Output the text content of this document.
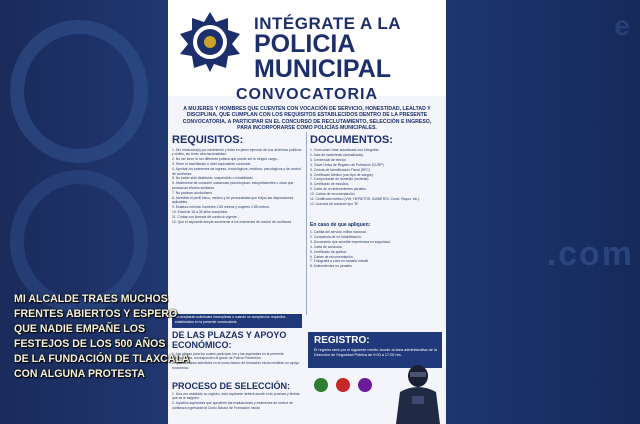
INTÉGRATE A LA
POLICIA
MUNICIPAL
CONVOCATORIA
A MUJERES Y HOMBRES QUE CUENTEN CON VOCACIÓN DE SERVICIO, HONESTIDAD, LEALTAD Y DISCIPLINA, QUE CUMPLAN CON LOS REQUISITOS ESTABLECIDOS DENTRO DE LA PRESENTE CONVOCATORIA, A PARTICIPAR EN EL CONCURSO DE RECLUTAMIENTO, SELECCIÓN E INGRESO, PARA INCORPORARSE COMO POLICÍAS MUNICIPALES.
REQUISITOS:
1. Ser mexicano(a) por nacimiento y estar en pleno ejercicio de sus derechos políticos y civiles, sin tener otra nacionalidad.
2. No ser tener tu ser diferente pública que puede ser tu ningún cargo...
3. Tener el bachillerato o nivel equivalente concluido.
4. Aprobar los exámenes de ingreso, toxicológicos, médicos, psicológicos y de control de confianza.
5. No haber sido destituido, suspendido o inhabilitado.
6. Abstenerse de consumir sustancias psicotrópicas, estupefacientes u otras que produzcan efectos similares.
7. No padecer alcoholismo.
8. Acreditar el perfil físico, médico y de personalidad que exijan las disposiciones aplicables.
9. Estatura mínima: hombres 1.65 metros y mujeres 1.58 metros.
10. Edad de 18 a 35 años cumplidos.
11. Contar con licencia de conducir vigente.
12. Que el aspirante acepte someterse a los exámenes de control de confianza.
No aceptarán solicitudes incompletas o cuando no cumplan los requisitos establecidos en la presente convocatoria.
DE LAS PLAZAS Y APOYO ECONÓMICO:
1. Las plazas para los cuales participan los y las aspirantes en la presente Convocatoria, corresponden al grado de Policía Preventivo.
2. Quienes sean admitidos en el curso básico de formación inicial recibirán un apoyo económico.
PROCESO DE SELECCIÓN:
1. Una vez realizado su registro, todo aspirante deberá acudir a las pruebas y fechas que se le asignen.
2. Aquellos aspirantes que aprueben las evaluaciones y exámenes de control de confianza ingresarán al Curso Básico de Formación Inicial.
DOCUMENTOS:
1. Currículum vítae actualizado con fotografía.
2. Acta de nacimiento (actualizada).
3. Credencial de elector.
4. Clave Única de Registro de Población (CURP).
5. Cédula de Identificación Fiscal (RFC).
6. Certificado Médico (con tipo de sangre).
7. Comprobante de domicilio (reciente).
8. Certificado de estudios.
9. Carta de no antecedentes penales.
10. Cartas de recomendación.
11. Certificado médico (VIH, HEPATITIS, DIABETES, Covid, Rayos, etc.).
12. Licencia de conducir tipo "B".
En caso de que apliquen:
1. Cartilla del servicio militar nacional.
2. Constancia de no inhabilitación.
3. Documento que acredite experiencia en seguridad.
4. Carta de conducta.
5. Certificado de aptitud.
6. Cartas de recomendación.
7. Fotografía a color en tamaño infantil.
8. Antecedentes no penales.
REGISTRO:
El registro será por el siguiente medio: Acudir al área administrativa de la Dirección de Seguridad Pública de 9:00 a 17:00 hrs.
e
.com
MI ALCALDE TRAES MUCHOS
FRENTES ABIERTOS Y ESPERO
QUE NADIE EMPAÑE LOS
FESTEJOS DE LOS 500 AÑOS
DE LA FUNDACIÓN DE TLAXCALA
CON ALGUNA PROTESTA
